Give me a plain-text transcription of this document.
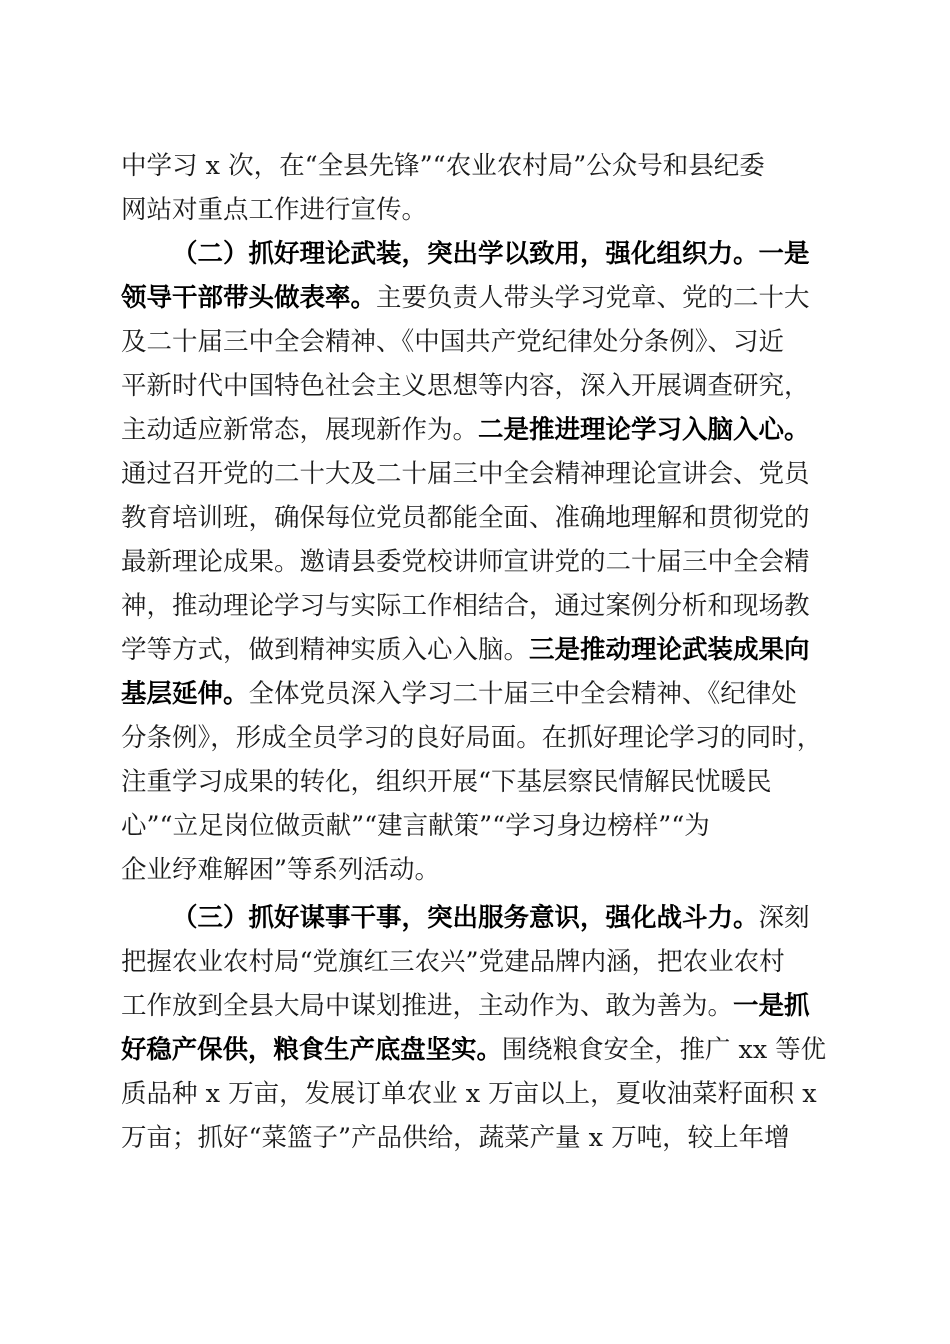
中学习 x 次，在“全县先锋”“农业农村局”公众号和县纪委
网站对重点工作进行宣传。
（二）抓好理论武装，突出学以致用，强化组织力。一是
领导干部带头做表率。主要负责人带头学习党章、党的二十大
及二十届三中全会精神、《中国共产党纪律处分条例》、习近
平新时代中国特色社会主义思想等内容，深入开展调查研究，
主动适应新常态，展现新作为。二是推进理论学习入脑入心。
通过召开党的二十大及二十届三中全会精神理论宣讲会、党员
教育培训班，确保每位党员都能全面、准确地理解和贯彻党的
最新理论成果。邀请县委党校讲师宣讲党的二十届三中全会精
神，推动理论学习与实际工作相结合，通过案例分析和现场教
学等方式，做到精神实质入心入脑。三是推动理论武装成果向
基层延伸。全体党员深入学习二十届三中全会精神、《纪律处
分条例》，形成全员学习的良好局面。在抓好理论学习的同时，
注重学习成果的转化，组织开展“下基层察民情解民忧暖民
心”“立足岗位做贡献”“建言献策”“学习身边榜样”“为
企业纾难解困”等系列活动。
（三）抓好谋事干事，突出服务意识，强化战斗力。深刻
把握农业农村局“党旗红三农兴”党建品牌内涵，把农业农村
工作放到全县大局中谋划推进，主动作为、敢为善为。一是抓
好稳产保供，粮食生产底盘坚实。围绕粮食安全，推广 xx 等优
质品种 x 万亩，发展订单农业 x 万亩以上，夏收油菜籽面积 x
万亩；抓好“菜篮子”产品供给，蔬菜产量 x 万吨，较上年增
